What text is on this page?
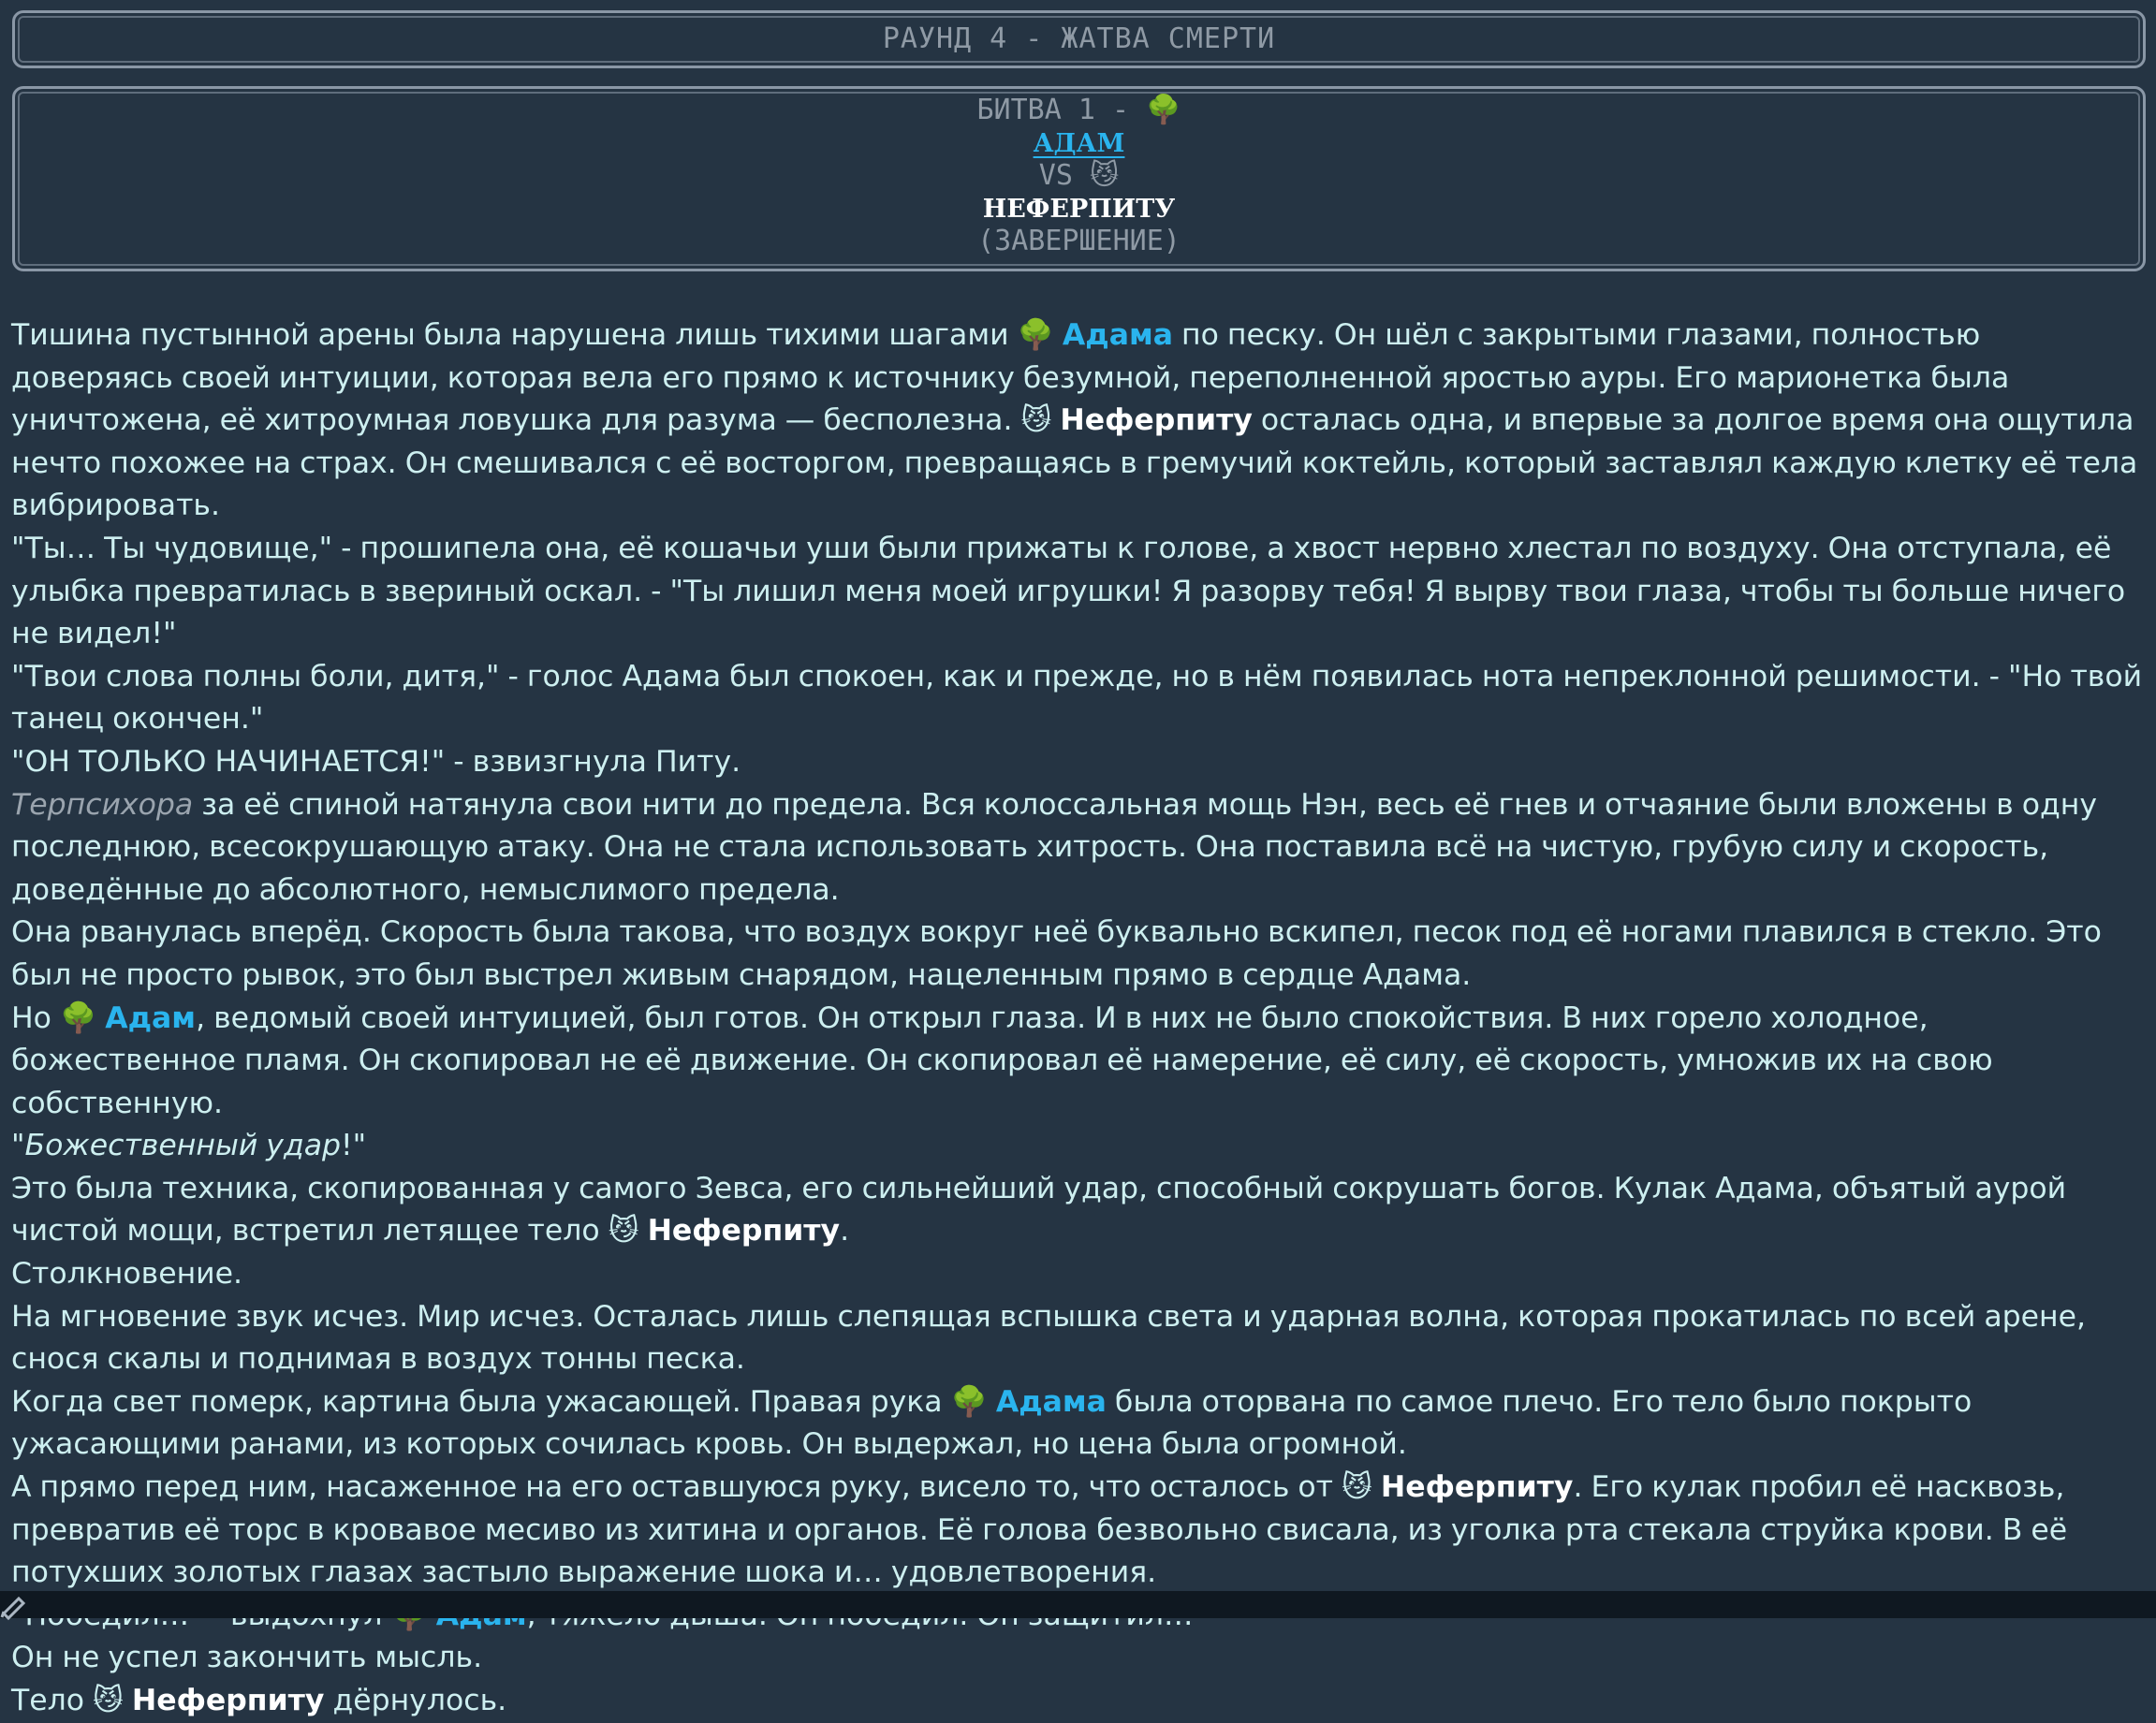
РАУНД 4 - ЖАТВА СМЕРТИ
БИТВА 1 - 🌳
АДАМ
VS 😼
НЕФЕРПИТУ
(ЗАВЕРШЕНИЕ)

Тишина пустынной арены была нарушена лишь тихими шагами 🌳 Адама по песку. Он шёл с закрытыми глазами, полностью доверяясь своей интуиции, которая вела его прямо к источнику безумной, переполненной яростью ауры. Его марионетка была уничтожена, её хитроумная ловушка для разума — бесполезна. 😼 Неферпиту осталась одна, и впервые за долгое время она ощутила нечто похожее на страх. Он смешивался с её восторгом, превращаясь в гремучий коктейль, который заставлял каждую клетку её тела вибрировать.

"Ты… Ты чудовище," - прошипела она, её кошачьи уши были прижаты к голове, а хвост нервно хлестал по воздуху. Она отступала, её улыбка превратилась в звериный оскал. - "Ты лишил меня моей игрушки! Я разорву тебя! Я вырву твои глаза, чтобы ты больше ничего не видел!"

"Твои слова полны боли, дитя," - голос Адама был спокоен, как и прежде, но в нём появилась нота непреклонной решимости. - "Но твой танец окончен."

"ОН ТОЛЬКО НАЧИНАЕТСЯ!" - взвизгнула Питу.

Терпсихора за её спиной натянула свои нити до предела. Вся колоссальная мощь Нэн, весь её гнев и отчаяние были вложены в одну последнюю, всесокрушающую атаку. Она не стала использовать хитрость. Она поставила всё на чистую, грубую силу и скорость, доведённые до абсолютного, немыслимого предела.

Она рванулась вперёд. Скорость была такова, что воздух вокруг неё буквально вскипел, песок под её ногами плавился в стекло. Это был не просто рывок, это был выстрел живым снарядом, нацеленным прямо в сердце Адама.

Но 🌳 Адам, ведомый своей интуицией, был готов. Он открыл глаза. И в них не было спокойствия. В них горело холодное, божественное пламя. Он скопировал не её движение. Он скопировал её намерение, её силу, её скорость, умножив их на свою собственную.

"Божественный удар!"

Это была техника, скопированная у самого Зевса, его сильнейший удар, способный сокрушать богов. Кулак Адама, объятый аурой чистой мощи, встретил летящее тело 😼 Неферпиту.

Столкновение.

На мгновение звук исчез. Мир исчез. Осталась лишь слепящая вспышка света и ударная волна, которая прокатилась по всей арене, снося скалы и поднимая в воздух тонны песка.

Когда свет померк, картина была ужасающей. Правая рука 🌳 Адама была оторвана по самое плечо. Его тело было покрыто ужасающими ранами, из которых сочилась кровь. Он выдержал, но цена была огромной.

А прямо перед ним, насаженное на его оставшуюся руку, висело то, что осталось от 😼 Неферпиту. Его кулак пробил её насквозь, превратив её торс в кровавое месиво из хитина и органов. Её голова безвольно свисала, из уголка рта стекала струйка крови. В её потухших золотых глазах застыло выражение шока и… удовлетворения.

Он не успел закончить мысль.

Тело 😼 Неферпиту дёрнулось.
